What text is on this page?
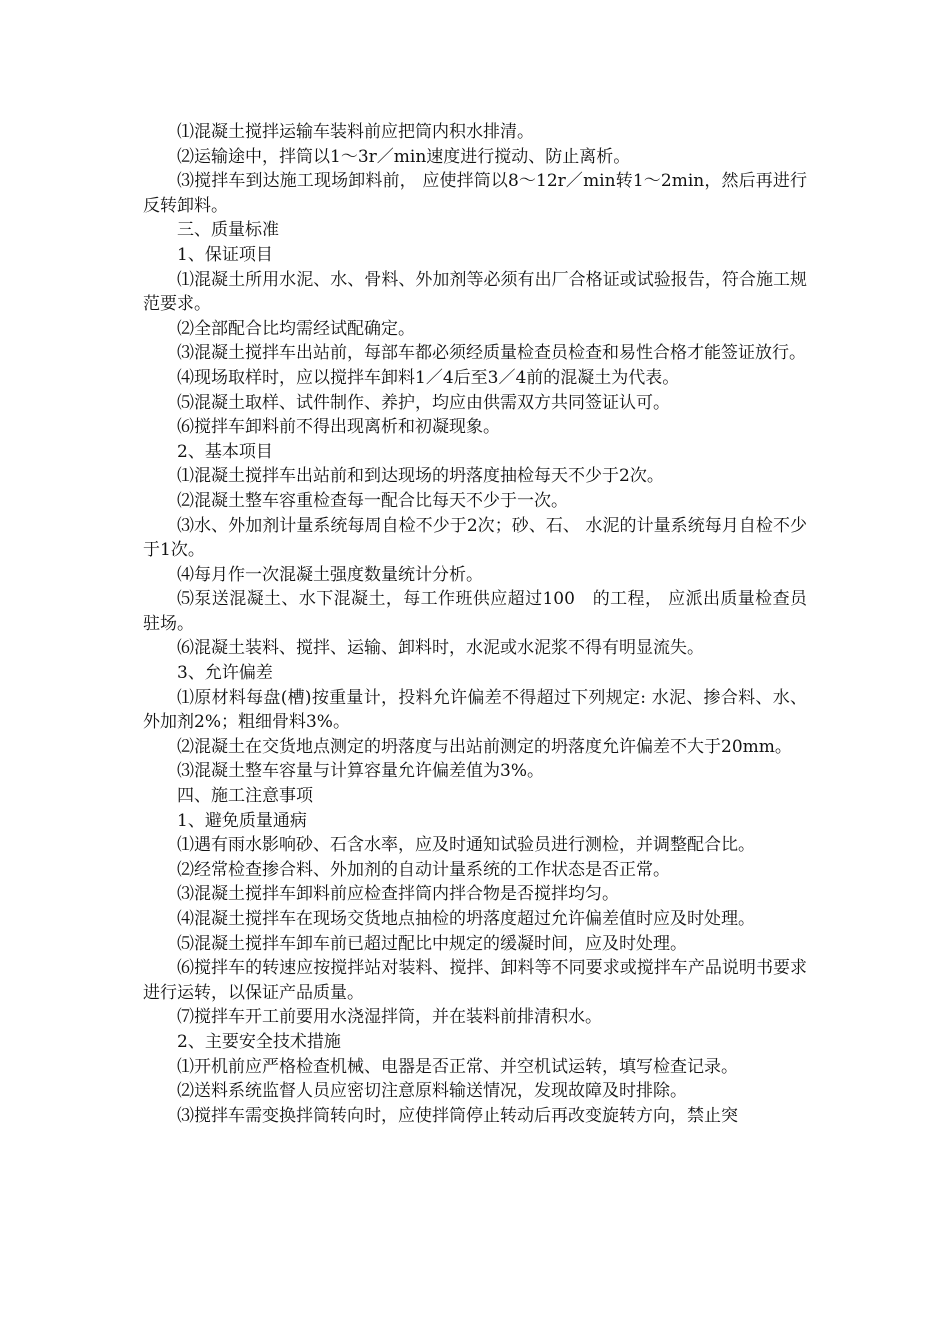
⑴混凝土搅拌运输车装料前应把筒内积水排清。

⑵运输途中，拌筒以1～3r／min速度进行搅动、防止离析。

⑶搅拌车到达施工现场卸料前， 应使拌筒以8～12r／min转1～2min，然后再进行反转卸料。

三、质量标准

1、保证项目

⑴混凝土所用水泥、水、骨料、外加剂等必须有出厂合格证或试验报告，符合施工规范要求。

⑵全部配合比均需经试配确定。

⑶混凝土搅拌车出站前，每部车都必须经质量检查员检查和易性合格才能签证放行。

⑷现场取样时，应以搅拌车卸料1／4后至3／4前的混凝土为代表。

⑸混凝土取样、试件制作、养护，均应由供需双方共同签证认可。

⑹搅拌车卸料前不得出现离析和初凝现象。

2、基本项目

⑴混凝土搅拌车出站前和到达现场的坍落度抽检每天不少于2次。

⑵混凝土整车容重检查每一配合比每天不少于一次。

⑶水、外加剂计量系统每周自检不少于2次；砂、石、 水泥的计量系统每月自检不少于1次。

⑷每月作一次混凝土强度数量统计分析。

⑸泵送混凝土、水下混凝土，每工作班供应超过100　的工程， 应派出质量检查员驻场。

⑹混凝土装料、搅拌、运输、卸料时，水泥或水泥浆不得有明显流失。

3、允许偏差

⑴原材料每盘(槽)按重量计，投料允许偏差不得超过下列规定: 水泥、掺合料、水、外加剂2%；粗细骨料3%。

⑵混凝土在交货地点测定的坍落度与出站前测定的坍落度允许偏差不大于20mm。

⑶混凝土整车容量与计算容量允许偏差值为3%。

四、施工注意事项

1、避免质量通病

⑴遇有雨水影响砂、石含水率，应及时通知试验员进行测检，并调整配合比。

⑵经常检查掺合料、外加剂的自动计量系统的工作状态是否正常。

⑶混凝土搅拌车卸料前应检查拌筒内拌合物是否搅拌均匀。

⑷混凝土搅拌车在现场交货地点抽检的坍落度超过允许偏差值时应及时处理。

⑸混凝土搅拌车卸车前已超过配比中规定的缓凝时间，应及时处理。

⑹搅拌车的转速应按搅拌站对装料、搅拌、卸料等不同要求或搅拌车产品说明书要求进行运转，以保证产品质量。

⑺搅拌车开工前要用水浇湿拌筒，并在装料前排清积水。

2、主要安全技术措施

⑴开机前应严格检查机械、电器是否正常、并空机试运转，填写检查记录。

⑵送料系统监督人员应密切注意原料输送情况，发现故障及时排除。

⑶搅拌车需变换拌筒转向时，应使拌筒停止转动后再改变旋转方向，禁止突
